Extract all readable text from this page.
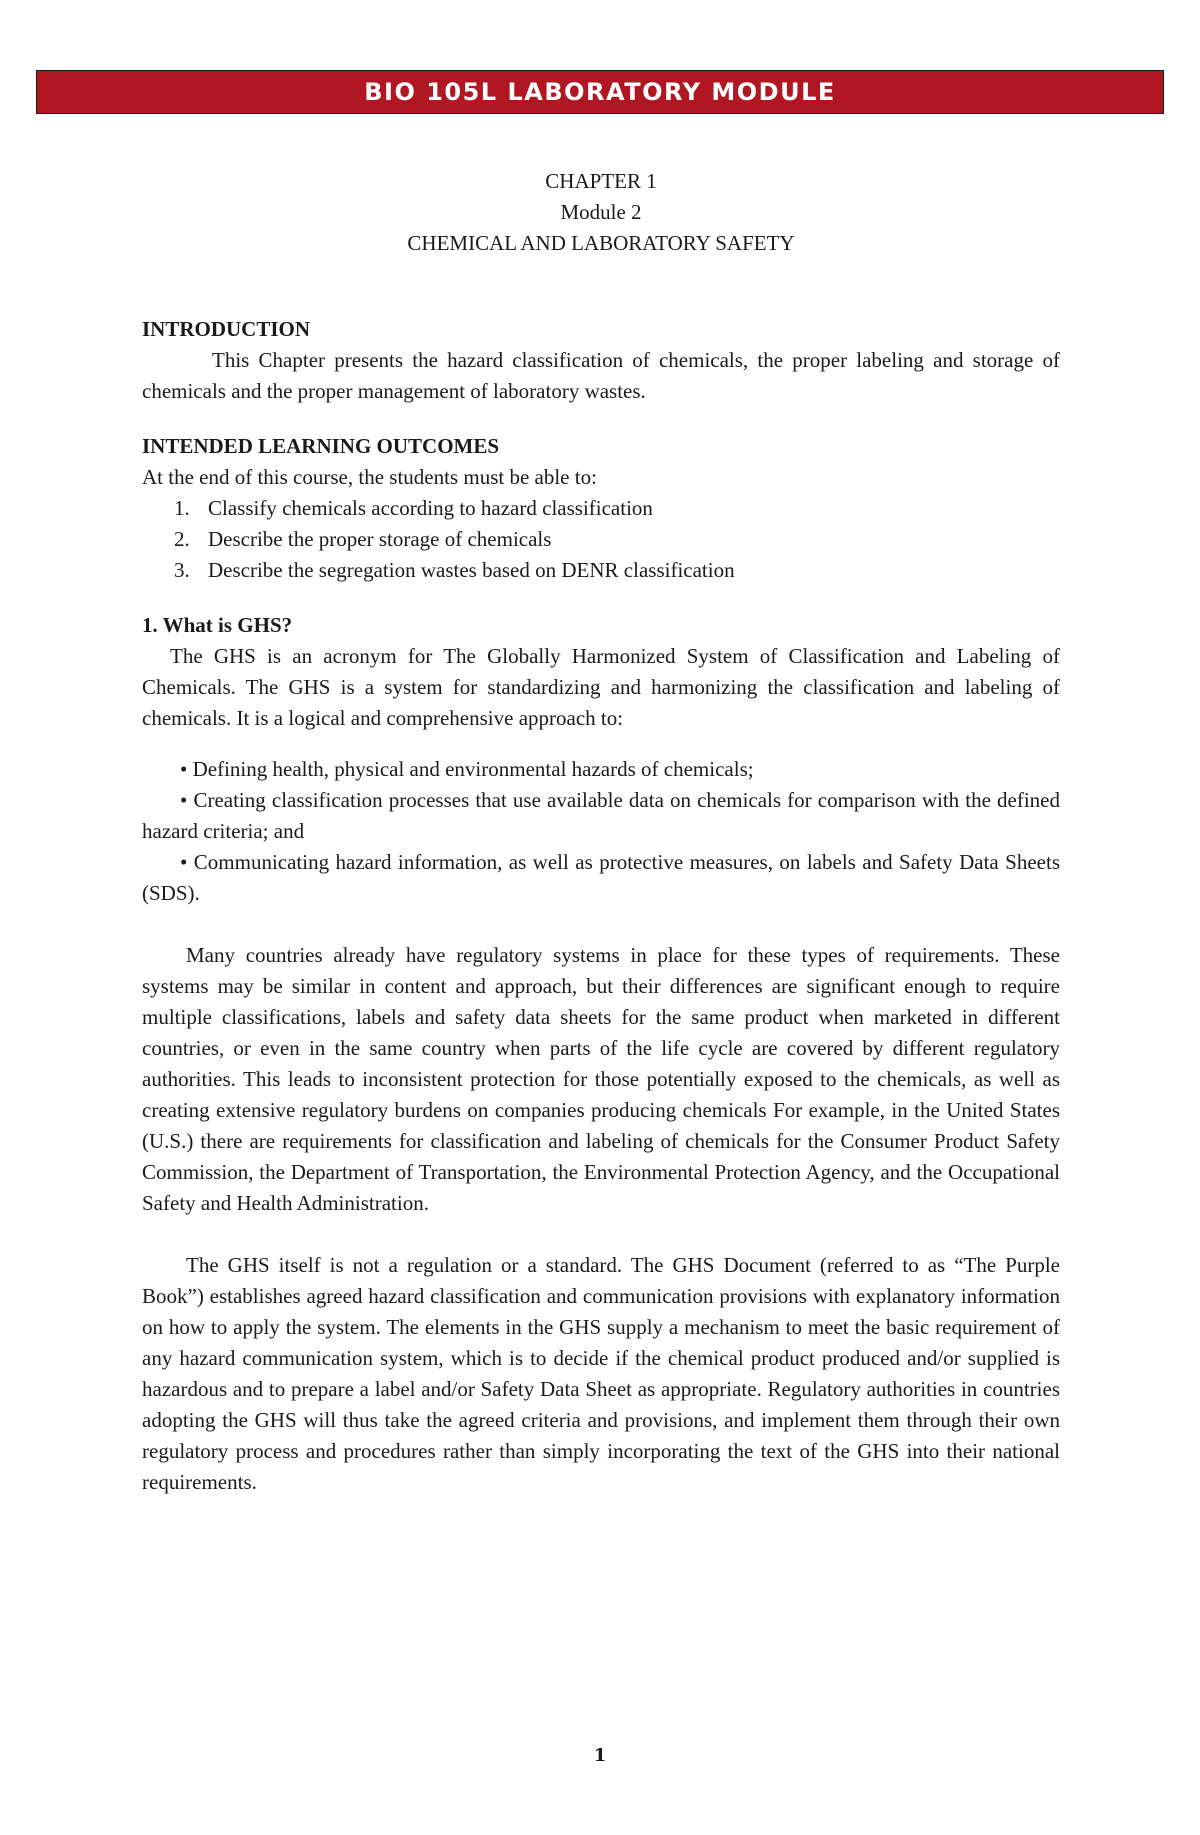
BIO 105L LABORATORY MODULE

CHAPTER 1

Module 2

CHEMICAL AND LABORATORY SAFETY

INTRODUCTION

This Chapter presents the hazard classification of chemicals, the proper labeling and storage of chemicals and the proper management of laboratory wastes.

INTENDED LEARNING OUTCOMES

At the end of this course, the students must be able to:

1. Classify chemicals according to hazard classification
2. Describe the proper storage of chemicals
3. Describe the segregation wastes based on DENR classification

1. What is GHS?

The GHS is an acronym for The Globally Harmonized System of Classification and Labeling of Chemicals. The GHS is a system for standardizing and harmonizing the classification and labeling of chemicals. It is a logical and comprehensive approach to:

• Defining health, physical and environmental hazards of chemicals;
• Creating classification processes that use available data on chemicals for comparison with the defined hazard criteria; and
• Communicating hazard information, as well as protective measures, on labels and Safety Data Sheets (SDS).

Many countries already have regulatory systems in place for these types of requirements. These systems may be similar in content and approach, but their differences are significant enough to require multiple classifications, labels and safety data sheets for the same product when marketed in different countries, or even in the same country when parts of the life cycle are covered by different regulatory authorities. This leads to inconsistent protection for those potentially exposed to the chemicals, as well as creating extensive regulatory burdens on companies producing chemicals For example, in the United States (U.S.) there are requirements for classification and labeling of chemicals for the Consumer Product Safety Commission, the Department of Transportation, the Environmental Protection Agency, and the Occupational Safety and Health Administration.

The GHS itself is not a regulation or a standard. The GHS Document (referred to as “The Purple Book”) establishes agreed hazard classification and communication provisions with explanatory information on how to apply the system. The elements in the GHS supply a mechanism to meet the basic requirement of any hazard communication system, which is to decide if the chemical product produced and/or supplied is hazardous and to prepare a label and/or Safety Data Sheet as appropriate. Regulatory authorities in countries adopting the GHS will thus take the agreed criteria and provisions, and implement them through their own regulatory process and procedures rather than simply incorporating the text of the GHS into their national requirements.

1
